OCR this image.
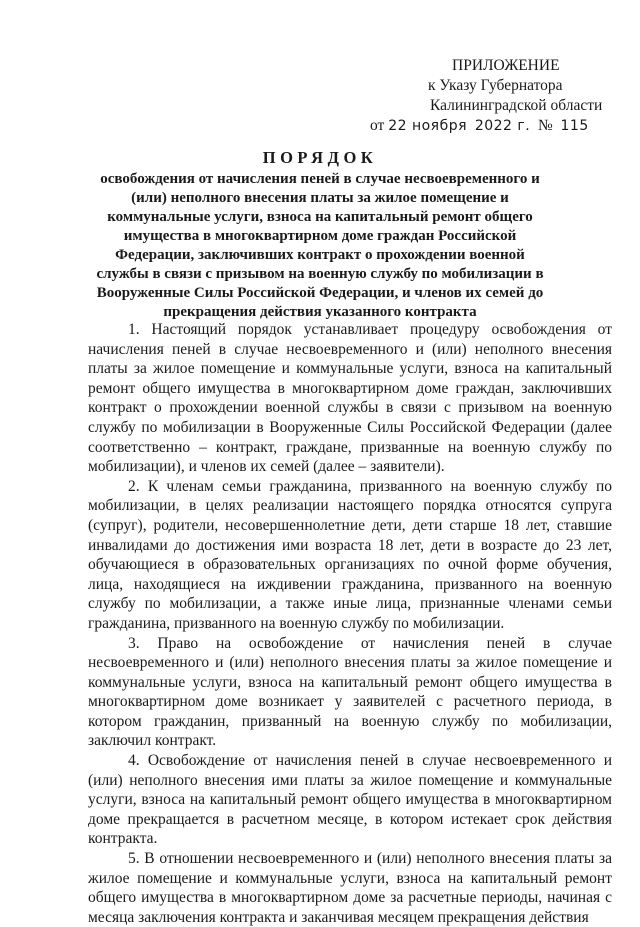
ПРИЛОЖЕНИЕ
к Указу Губернатора
Калининградской области
от 22 ноября 2022 г. № 115
ПОРЯДОК
освобождения от начисления пеней в случае несвоевременного и (или) неполного внесения платы за жилое помещение и коммунальные услуги, взноса на капитальный ремонт общего имущества в многоквартирном доме граждан Российской Федерации, заключивших контракт о прохождении военной службы в связи с призывом на военную службу по мобилизации в Вооруженные Силы Российской Федерации, и членов их семей до прекращения действия указанного контракта

1. Настоящий порядок устанавливает процедуру освобождения от начисления пеней в случае несвоевременного и (или) неполного внесения платы за жилое помещение и коммунальные услуги, взноса на капитальный ремонт общего имущества в многоквартирном доме граждан, заключивших контракт о прохождении военной службы в связи с призывом на военную службу по мобилизации в Вооруженные Силы Российской Федерации (далее соответственно – контракт, граждане, призванные на военную службу по мобилизации), и членов их семей (далее – заявители).

2. К членам семьи гражданина, призванного на военную службу по мобилизации, в целях реализации настоящего порядка относятся супруга (супруг), родители, несовершеннолетние дети, дети старше 18 лет, ставшие инвалидами до достижения ими возраста 18 лет, дети в возрасте до 23 лет, обучающиеся в образовательных организациях по очной форме обучения, лица, находящиеся на иждивении гражданина, призванного на военную службу по мобилизации, а также иные лица, признанные членами семьи гражданина, призванного на военную службу по мобилизации.

3. Право на освобождение от начисления пеней в случае несвоевременного и (или) неполного внесения платы за жилое помещение и коммунальные услуги, взноса на капитальный ремонт общего имущества в многоквартирном доме возникает у заявителей с расчетного периода, в котором гражданин, призванный на военную службу по мобилизации, заключил контракт.

4. Освобождение от начисления пеней в случае несвоевременного и (или) неполного внесения ими платы за жилое помещение и коммунальные услуги, взноса на капитальный ремонт общего имущества в многоквартирном доме прекращается в расчетном месяце, в котором истекает срок действия контракта.

5. В отношении несвоевременного и (или) неполного внесения платы за жилое помещение и коммунальные услуги, взноса на капитальный ремонт общего имущества в многоквартирном доме за расчетные периоды, начиная с месяца заключения контракта и заканчивая месяцем прекращения действия
